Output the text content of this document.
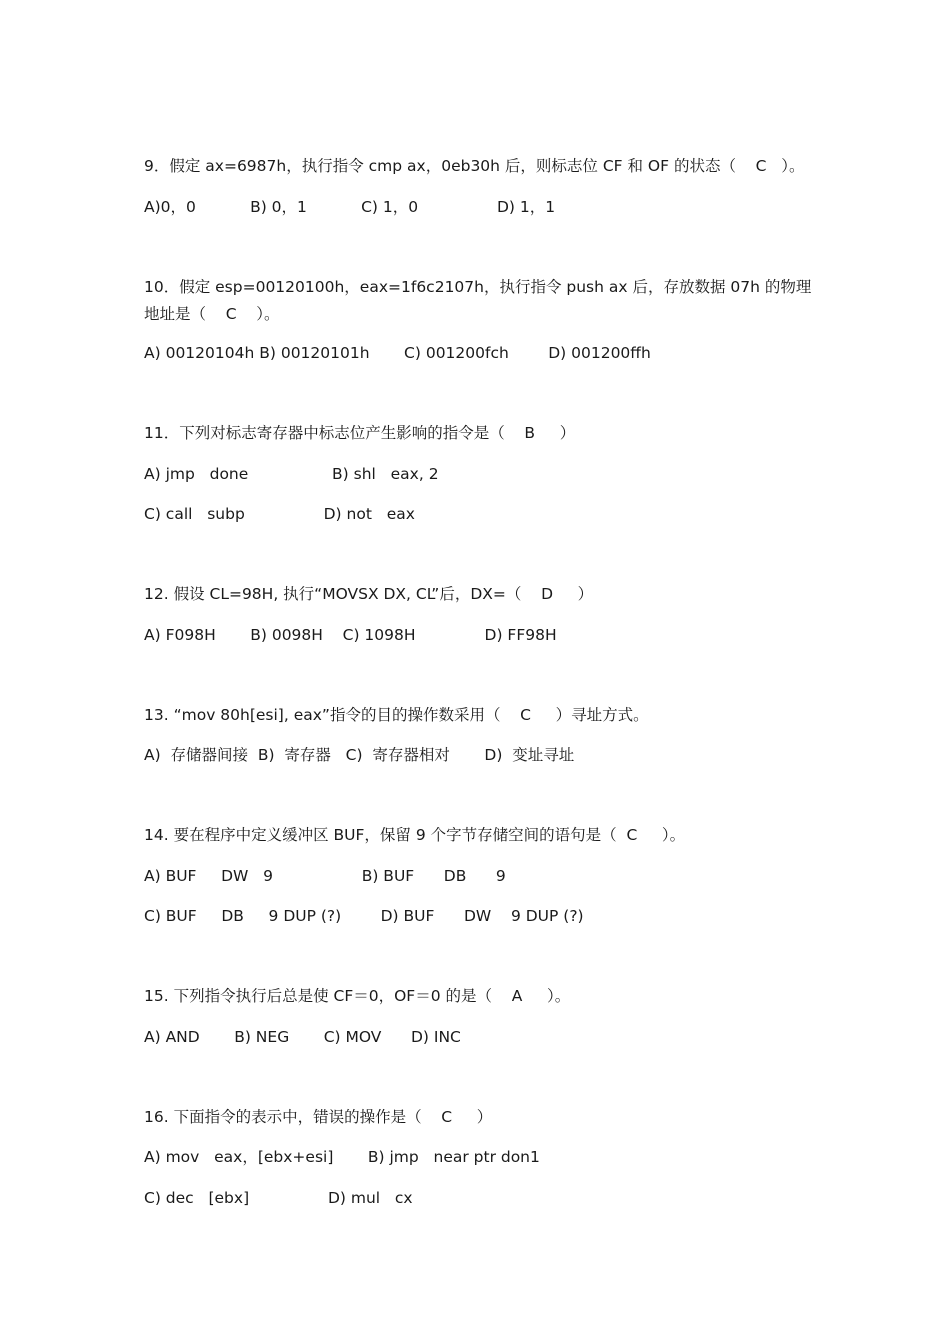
9．假定 ax=6987h，执行指令 cmp ax，0eb30h 后，则标志位 CF 和 OF 的状态（    C   ）。
A)0，0           B) 0，1           C) 1，0                D) 1，1
10．假定 esp=00120100h，eax=1f6c2107h，执行指令 push ax 后，存放数据 07h 的物理
地址是（    C    ）。
A) 00120104h B) 00120101h       C) 001200fch        D) 001200ffh
11．下列对标志寄存器中标志位产生影响的指令是（    B     ）
A) jmp   done                 B) shl   eax, 2
C) call   subp                D) not   eax
12. 假设 CL=98H, 执行“MOVSX DX, CL”后，DX=（    D     ）
A) F098H       B) 0098H    C) 1098H              D) FF98H
13. “mov 80h[esi], eax”指令的目的操作数采用（    C     ）寻址方式。
A)  存储器间接  B)  寄存器   C)  寄存器相对       D)  变址寻址
14. 要在程序中定义缓冲区 BUF，保留 9 个字节存储空间的语句是（  C     ）。
A) BUF     DW   9                  B) BUF      DB      9
C) BUF     DB     9 DUP (?)        D) BUF      DW    9 DUP (?)
15. 下列指令执行后总是使 CF＝0，OF＝0 的是（    A     ）。
A) AND       B) NEG       C) MOV      D) INC
16. 下面指令的表示中，错误的操作是（    C     ）
A) mov   eax，[ebx+esi]       B) jmp   near ptr don1
C) dec   [ebx]                D) mul   cx
